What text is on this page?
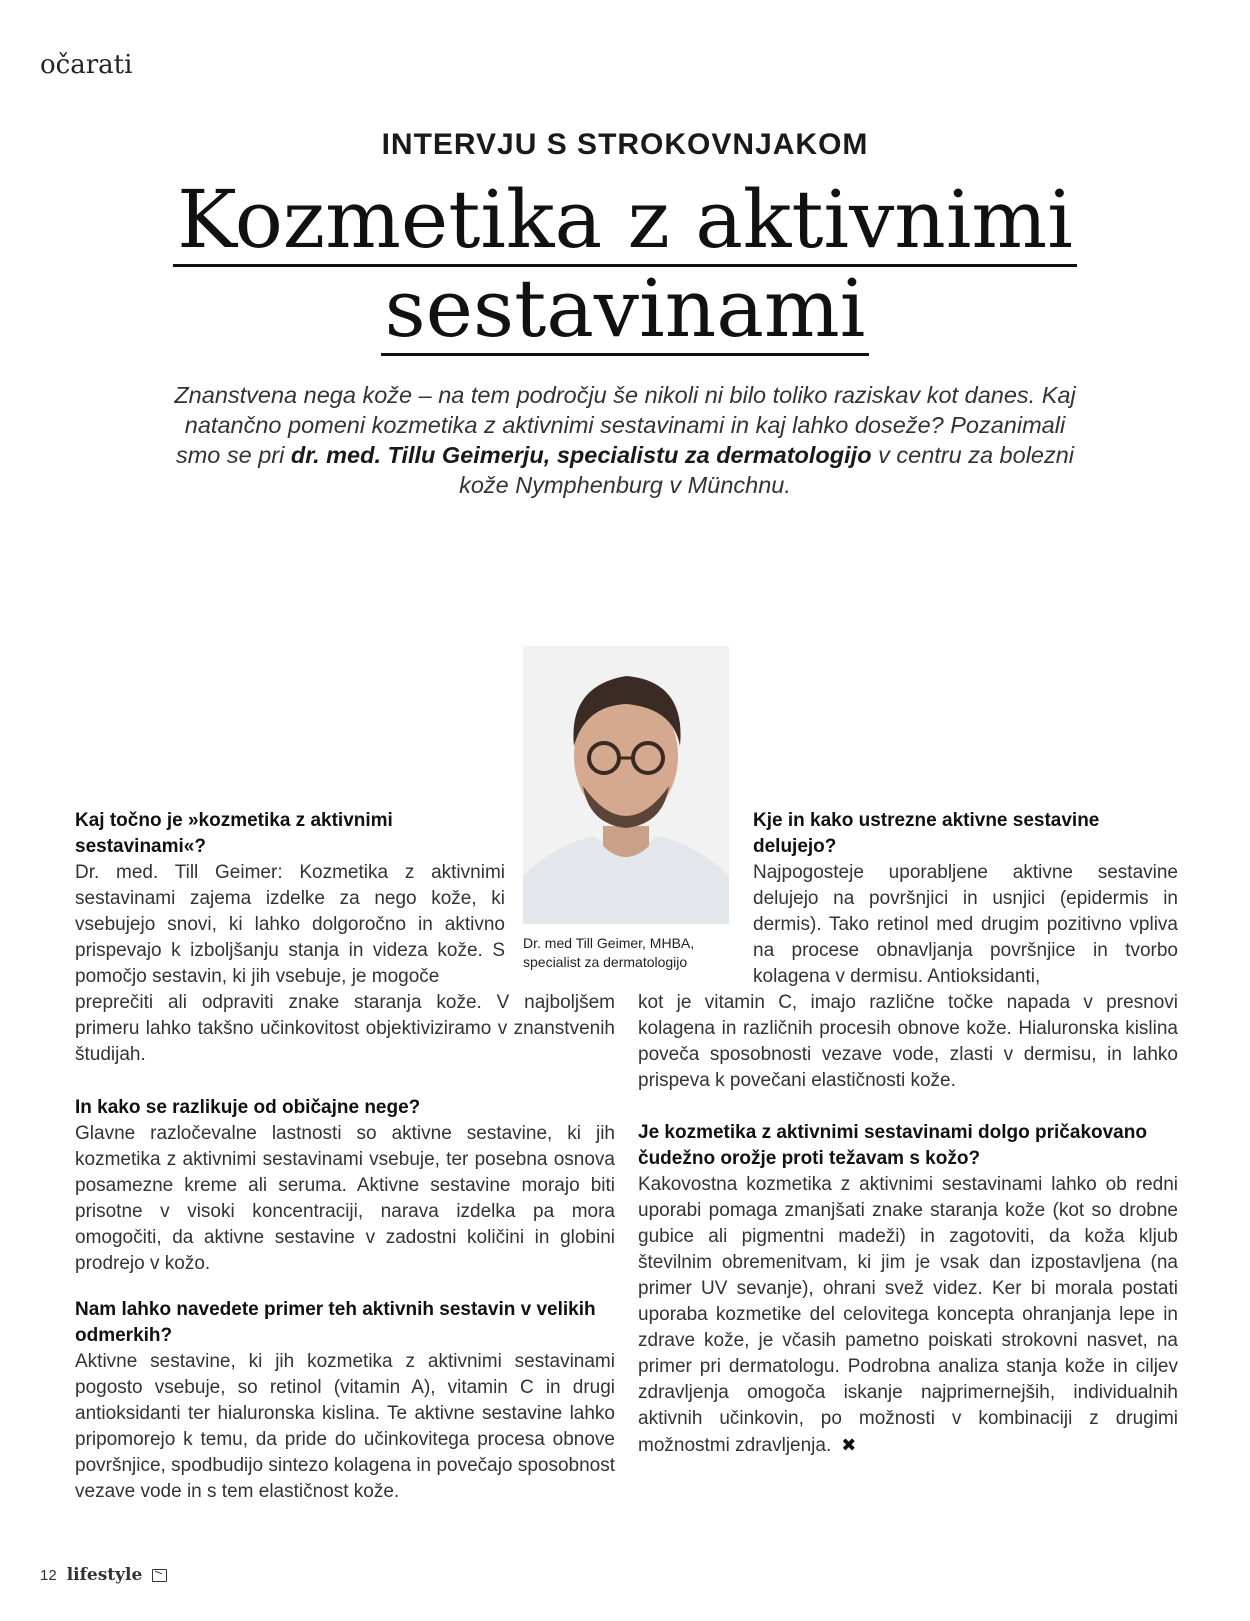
očarati
INTERVJU S STROKOVNJAKOM
Kozmetika z aktivnimi
sestavinami
Znanstvena nega kože – na tem področju še nikoli ni bilo toliko raziskav kot danes. Kaj natančno pomeni kozmetika z aktivnimi sestavinami in kaj lahko doseže? Pozanimali smo se pri dr. med. Tillu Geimerju, specialistu za dermatologijo v centru za bolezni kože Nymphenburg v Münchnu.
Dr. med Till Geimer, MHBA,
specialist za dermatologijo

Kaj točno je »kozmetika z aktivnimi sestavinami«?

Dr. med. Till Geimer: Kozmetika z aktivnimi sestavinami zajema izdelke za nego kože, ki vsebujejo snovi, ki lahko dolgoročno in aktivno prispevajo k izboljšanju stanja in videza kože. S pomočjo sestavin, ki jih vsebuje, je mogoče

preprečiti ali odpraviti znake staranja kože. V najboljšem primeru lahko takšno učinkovitost objektiviziramo v znanstvenih študijah.

In kako se razlikuje od običajne nege?

Glavne razločevalne lastnosti so aktivne sestavine, ki jih kozmetika z aktivnimi sestavinami vsebuje, ter posebna osnova posamezne kreme ali seruma. Aktivne sestavine morajo biti prisotne v visoki koncentraciji, narava izdelka pa mora omogočiti, da aktivne sestavine v zadostni količini in globini prodrejo v kožo.

Nam lahko navedete primer teh aktivnih sestavin v velikih odmerkih?

Aktivne sestavine, ki jih kozmetika z aktivnimi sestavinami pogosto vsebuje, so retinol (vitamin A), vitamin C in drugi antioksidanti ter hialuronska kislina. Te aktivne sestavine lahko pripomorejo k temu, da pride do učinkovitega procesa obnove površnjice, spodbudijo sintezo kolagena in povečajo sposobnost vezave vode in s tem elastičnost kože.

Kje in kako ustrezne aktivne sestavine delujejo?

Najpogosteje uporabljene aktivne sestavine delujejo na površnjici in usnjici (epidermis in dermis). Tako retinol med drugim pozitivno vpliva na procese obnavljanja površnjice in tvorbo kolagena v dermisu. Antioksidanti,

kot je vitamin C, imajo različne točke napada v presnovi kolagena in različnih procesih obnove kože. Hialuronska kislina poveča sposobnosti vezave vode, zlasti v dermisu, in lahko prispeva k povečani elastičnosti kože.

Je kozmetika z aktivnimi sestavinami dolgo pričakovano čudežno orožje proti težavam s kožo?

Kakovostna kozmetika z aktivnimi sestavinami lahko ob redni uporabi pomaga zmanjšati znake staranja kože (kot so drobne gubice ali pigmentni madeži) in zagotoviti, da koža kljub številnim obremenitvam, ki jim je vsak dan izpostavljena (na primer UV sevanje), ohrani svež videz. Ker bi morala postati uporaba kozmetike del celovitega koncepta ohranjanja lepe in zdrave kože, je včasih pametno poiskati strokovni nasvet, na primer pri dermatologu. Podrobna analiza stanja kože in ciljev zdravljenja omogoča iskanje najprimernejših, individualnih aktivnih učinkovin, po možnosti v kombinaciji z drugimi možnostmi zdravljenja. ✖

12 lifestyle
